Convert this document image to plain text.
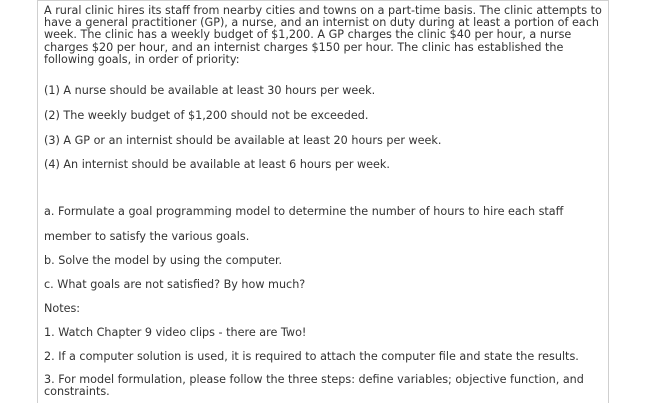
A rural clinic hires its staff from nearby cities and towns on a part-time basis. The clinic attempts to have a general practitioner (GP), a nurse, and an internist on duty during at least a portion of each week. The clinic has a weekly budget of $1,200. A GP charges the clinic $40 per hour, a nurse charges $20 per hour, and an internist charges $150 per hour. The clinic has established the following goals, in order of priority:

(1) A nurse should be available at least 30 hours per week.

(2) The weekly budget of $1,200 should not be exceeded.

(3) A GP or an internist should be available at least 20 hours per week.

(4) An internist should be available at least 6 hours per week.

a. Formulate a goal programming model to determine the number of hours to hire each staff

member to satisfy the various goals.

b. Solve the model by using the computer.

c. What goals are not satisfied? By how much?

Notes:

1. Watch Chapter 9 video clips - there are Two!

2. If a computer solution is used, it is required to attach the computer file and state the results.

3. For model formulation, please follow the three steps: define variables; objective function, and constraints.
